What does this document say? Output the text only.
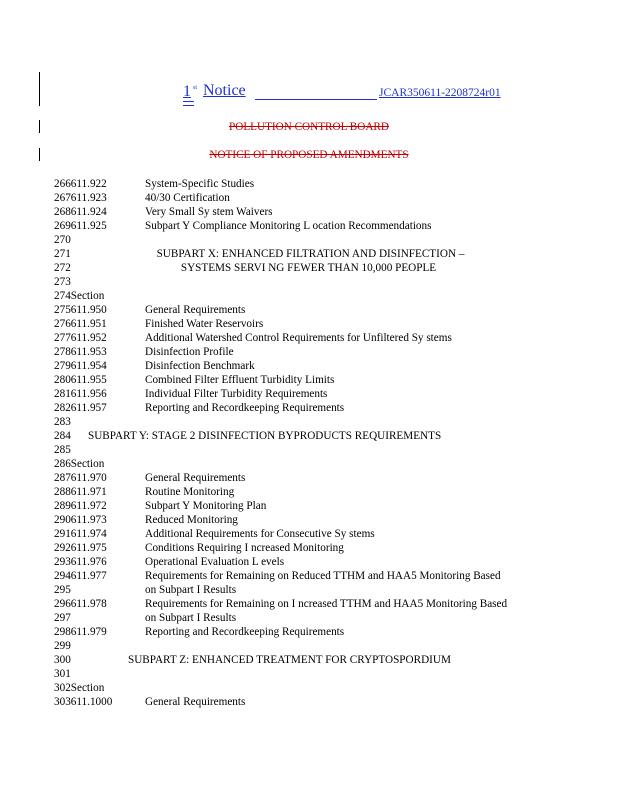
1 st Notice	JCAR350611-2208724r01
POLLUTION CONTROL BOARD
NOTICE OF PROPOSED AMENDMENTS
266611.922	System-Specific Studies
267611.923	40/30 Certification
268611.924	Very Small Sy stem Waivers
269611.925	Subpart Y Compliance Monitoring L ocation Recommendations
270
271	SUBPART X: ENHANCED FILTRATION AND DISINFECTION –
272	SYSTEMS SERVI NG FEWER THAN 10,000 PEOPLE
273
274Section
275611.950	General Requirements
276611.951	Finished Water Reservoirs
277611.952	Additional Watershed Control Requirements for Unfiltered Sy stems
278611.953	Disinfection Profile
279611.954	Disinfection Benchmark
280611.955	Combined Filter Effluent Turbidity Limits
281611.956	Individual Filter Turbidity Requirements
282611.957	Reporting and Recordkeeping Requirements
283
284 SUBPART Y: STAGE 2 DISINFECTION BYPRODUCTS REQUIREMENTS
285
286Section
287611.970	General Requirements
288611.971	Routine Monitoring
289611.972	Subpart Y Monitoring Plan
290611.973	Reduced Monitoring
291611.974	Additional Requirements for Consecutive Sy stems
292611.975	Conditions Requiring I ncreased Monitoring
293611.976	Operational Evaluation L evels
294611.977	Requirements for Remaining on Reduced TTHM and HAA5 Monitoring Based
295	on Subpart I Results
296611.978	Requirements for Remaining on I ncreased TTHM and HAA5 Monitoring Based
297	on Subpart I Results
298611.979	Reporting and Recordkeeping Requirements
299
300	SUBPART Z: ENHANCED TREATMENT FOR CRYPTOSPORDIUM
301
302Section
303611.1000	General Requirements
